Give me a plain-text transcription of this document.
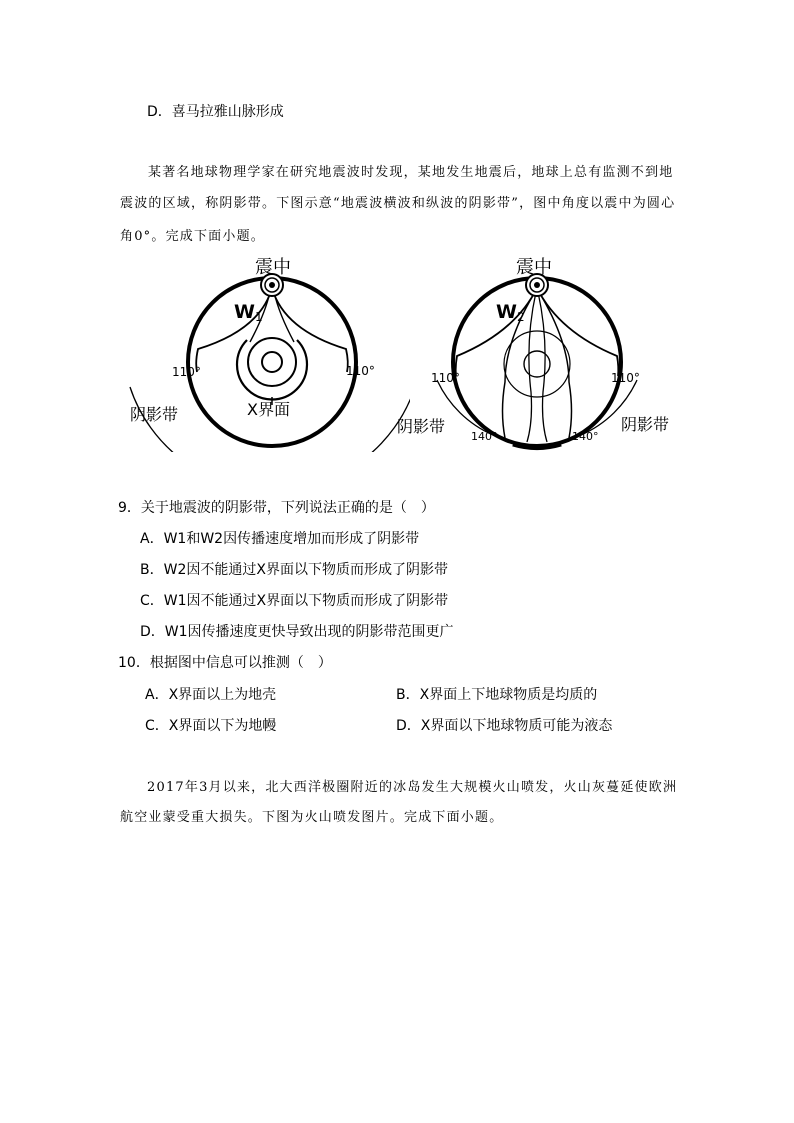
D．喜马拉雅山脉形成
某著名地球物理学家在研究地震波时发现，某地发生地震后，地球上总有监测不到地
震波的区域，称阴影带。下图示意“地震波横波和纵波的阴影带”，图中角度以震中为圆心
角0°。完成下面小题。
震中
W 1
110°	110°
X界面
阴影带
震中
W 2
110°	110°
140°	140°
阴影带	阴影带
9．关于地震波的阴影带，下列说法正确的是（　）
A．W1和W2因传播速度增加而形成了阴影带
B．W2因不能通过X界面以下物质而形成了阴影带
C．W1因不能通过X界面以下物质而形成了阴影带
D．W1因传播速度更快导致出现的阴影带范围更广
10．根据图中信息可以推测（　）
A．X界面以上为地壳	B．X界面上下地球物质是均质的
C．X界面以下为地幔	D．X界面以下地球物质可能为液态
2017年3月以来，北大西洋极圈附近的冰岛发生大规模火山喷发，火山灰蔓延使欧洲
航空业蒙受重大损失。下图为火山喷发图片。完成下面小题。
